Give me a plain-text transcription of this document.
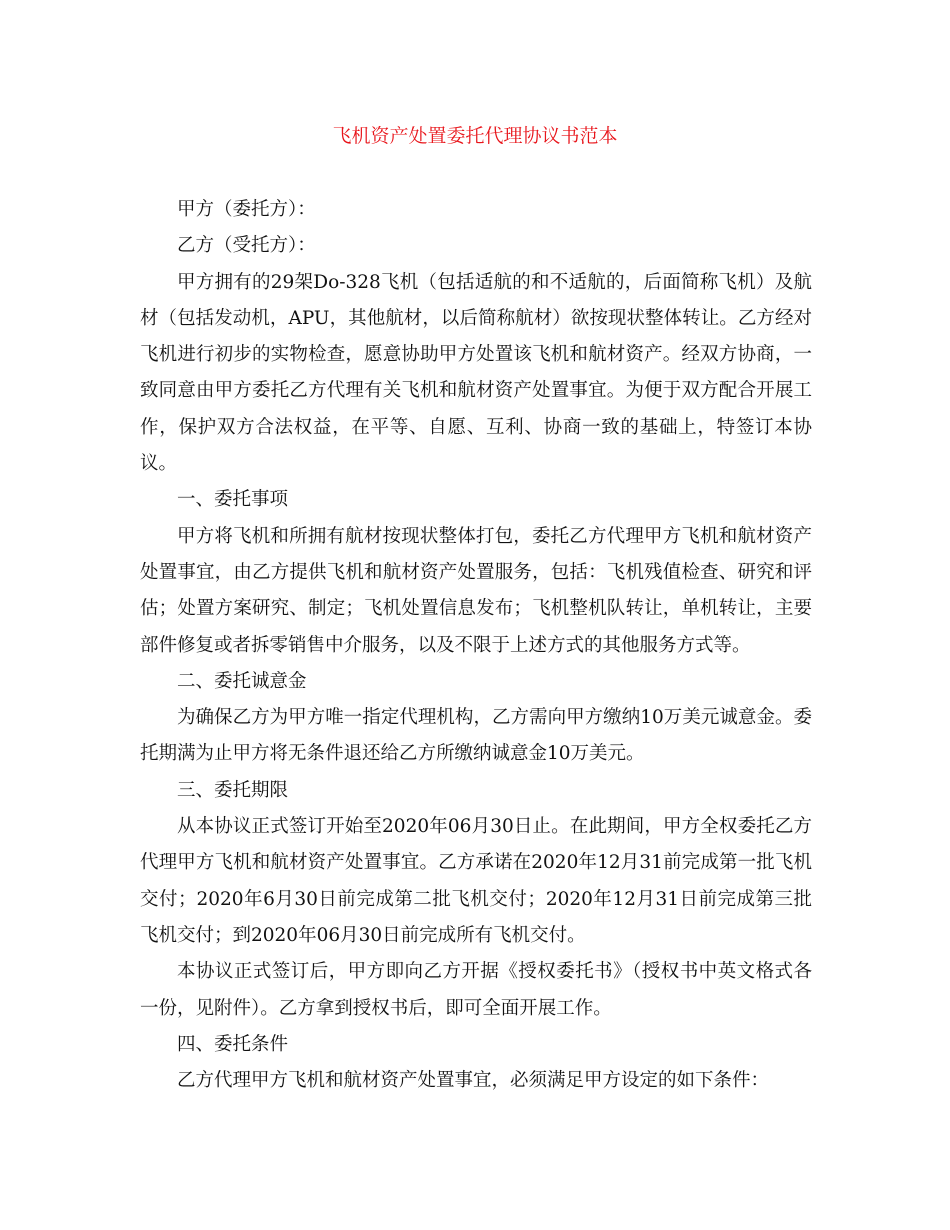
飞机资产处置委托代理协议书范本

甲方（委托方）：

乙方（受托方）：

甲方拥有的29架Do-328飞机（包括适航的和不适航的，后面简称飞机）及航材（包括发动机，APU，其他航材，以后简称航材）欲按现状整体转让。乙方经对飞机进行初步的实物检查，愿意协助甲方处置该飞机和航材资产。经双方协商，一致同意由甲方委托乙方代理有关飞机和航材资产处置事宜。为便于双方配合开展工作，保护双方合法权益，在平等、自愿、互利、协商一致的基础上，特签订本协议。

一、委托事项

甲方将飞机和所拥有航材按现状整体打包，委托乙方代理甲方飞机和航材资产处置事宜，由乙方提供飞机和航材资产处置服务，包括：飞机残值检查、研究和评估；处置方案研究、制定；飞机处置信息发布；飞机整机队转让，单机转让，主要部件修复或者拆零销售中介服务，以及不限于上述方式的其他服务方式等。

二、委托诚意金

为确保乙方为甲方唯一指定代理机构，乙方需向甲方缴纳10万美元诚意金。委托期满为止甲方将无条件退还给乙方所缴纳诚意金10万美元。

三、委托期限

从本协议正式签订开始至2020年06月30日止。在此期间，甲方全权委托乙方代理甲方飞机和航材资产处置事宜。乙方承诺在2020年12月31前完成第一批飞机交付；2020年6月30日前完成第二批飞机交付；2020年12月31日前完成第三批飞机交付；到2020年06月30日前完成所有飞机交付。

本协议正式签订后，甲方即向乙方开据《授权委托书》（授权书中英文格式各一份，见附件）。乙方拿到授权书后，即可全面开展工作。

四、委托条件

乙方代理甲方飞机和航材资产处置事宜，必须满足甲方设定的如下条件：
